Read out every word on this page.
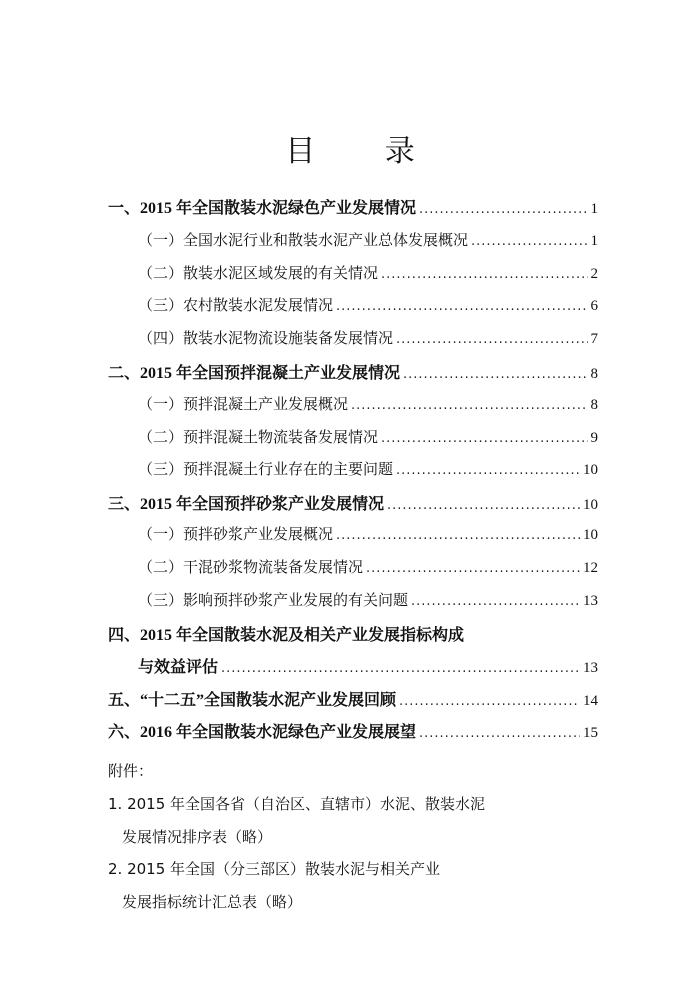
目 录
一、2015 年全国散装水泥绿色产业发展情况 .....	1
（一）全国水泥行业和散装水泥产业总体发展概况 .....	1
（二）散装水泥区域发展的有关情况 .....	2
（三）农村散装水泥发展情况 .....	6
（四）散装水泥物流设施装备发展情况 .....	7
二、2015 年全国预拌混凝土产业发展情况 .....	8
（一）预拌混凝土产业发展概况 .....	8
（二）预拌混凝土物流装备发展情况 .....	9
（三）预拌混凝土行业存在的主要问题 .....	10
三、2015 年全国预拌砂浆产业发展情况 .....	10
（一）预拌砂浆产业发展概况 .....	10
（二）干混砂浆物流装备发展情况 .....	12
（三）影响预拌砂浆产业发展的有关问题 .....	13
四、2015 年全国散装水泥及相关产业发展指标构成
与效益评估 .....	13
五、“十二五”全国散装水泥产业发展回顾 .....	14
六、2016 年全国散装水泥绿色产业发展展望 .....	15
附件：
1. 2015 年全国各省（自治区、直辖市）水泥、散装水泥
发展情况排序表（略）
2. 2015 年全国（分三部区）散装水泥与相关产业
发展指标统计汇总表（略）
